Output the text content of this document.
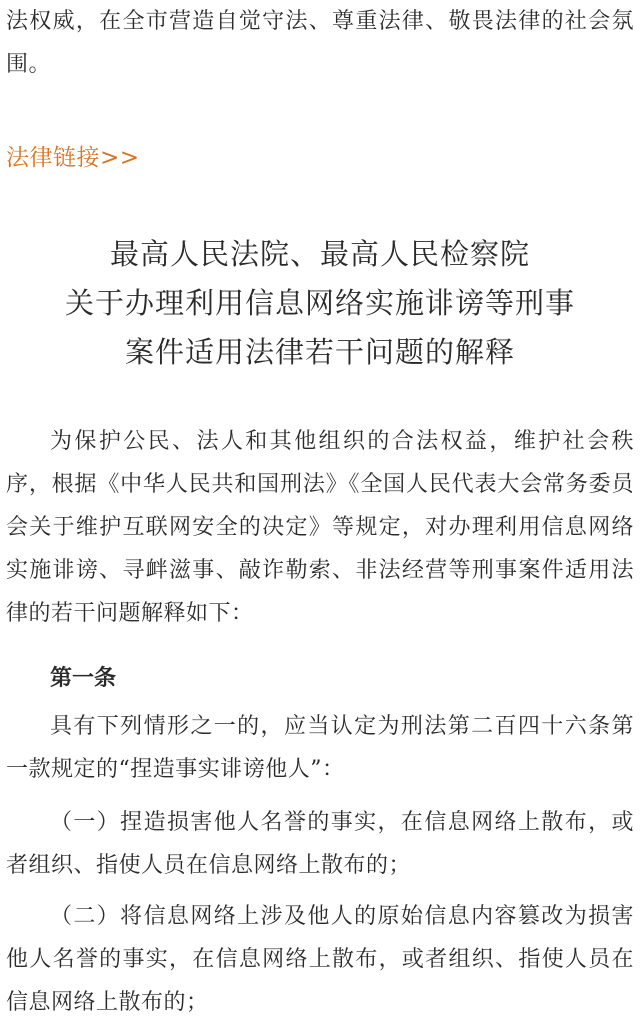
法权威，在全市营造自觉守法、尊重法律、敬畏法律的社会氛围。

法律链接>>

最高人民法院、最高人民检察院

关于办理利用信息网络实施诽谤等刑事

案件适用法律若干问题的解释

为保护公民、法人和其他组织的合法权益，维护社会秩序，根据《中华人民共和国刑法》《全国人民代表大会常务委员会关于维护互联网安全的决定》等规定，对办理利用信息网络实施诽谤、寻衅滋事、敲诈勒索、非法经营等刑事案件适用法律的若干问题解释如下：

第一条

具有下列情形之一的，应当认定为刑法第二百四十六条第一款规定的“捏造事实诽谤他人”：

（一）捏造损害他人名誉的事实，在信息网络上散布，或者组织、指使人员在信息网络上散布的；

（二）将信息网络上涉及他人的原始信息内容篡改为损害他人名誉的事实，在信息网络上散布，或者组织、指使人员在信息网络上散布的；
